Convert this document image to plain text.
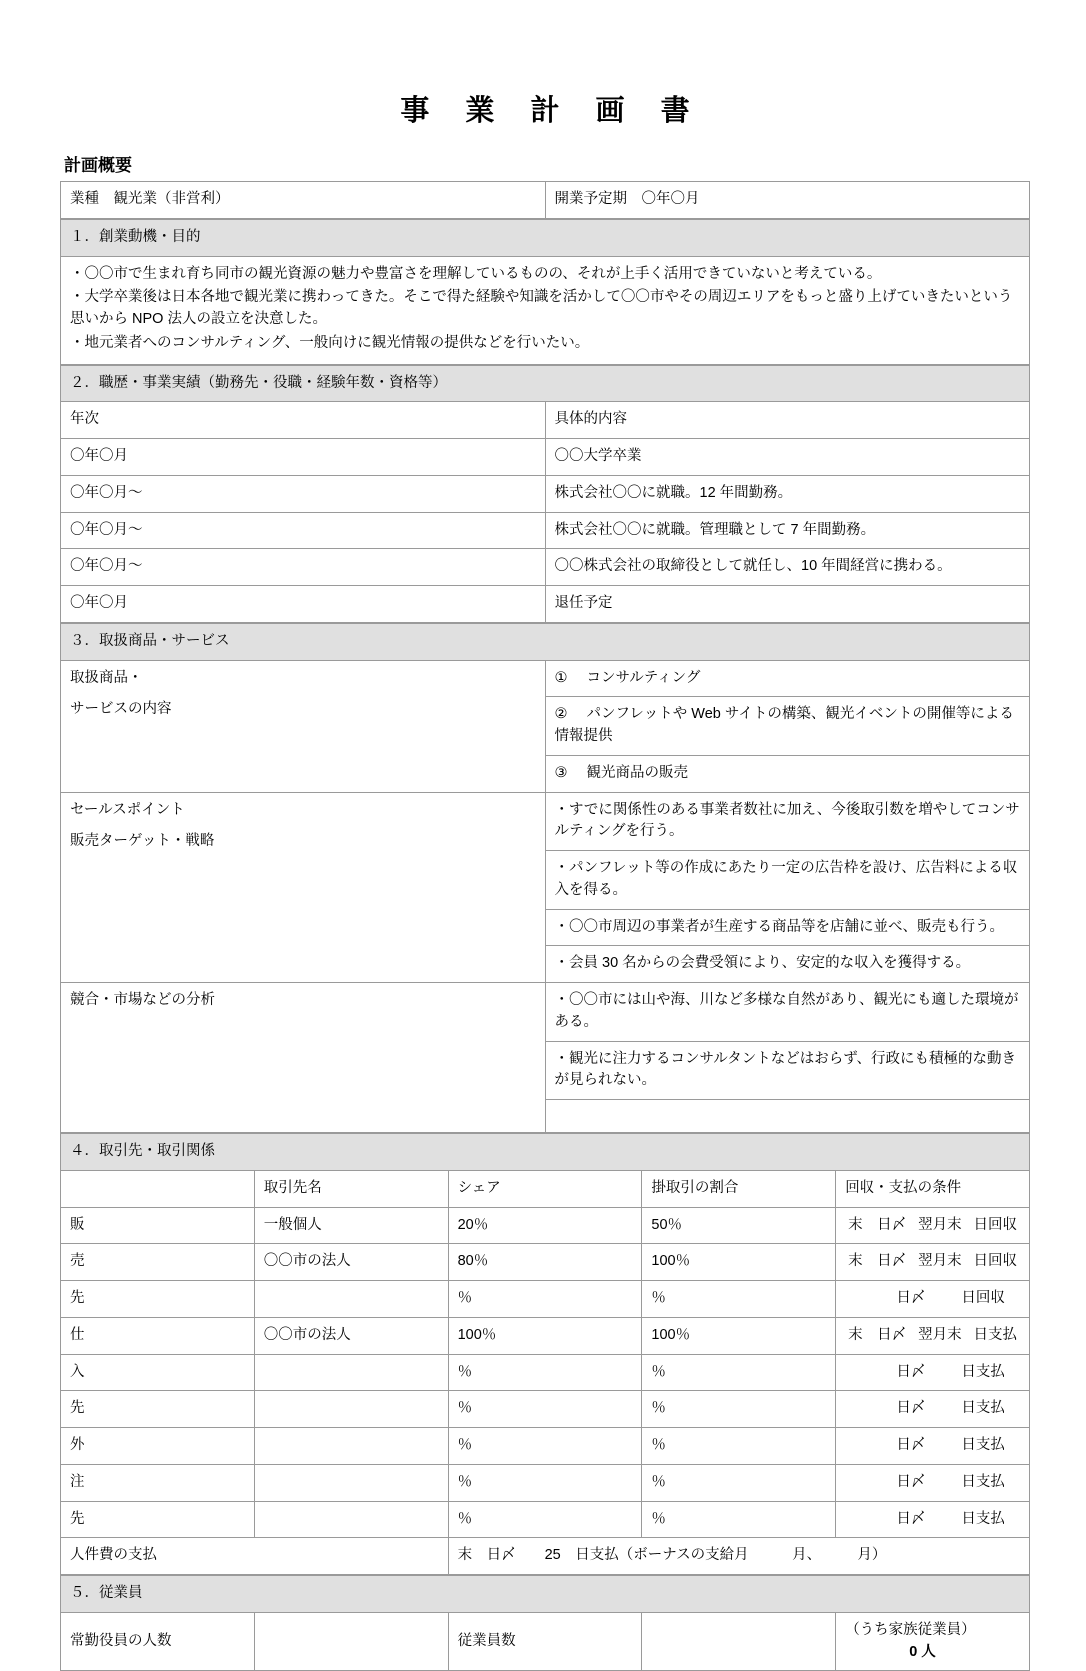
事 業 計 画 書
計画概要
業種　観光業（非営利）	開業予定期　〇年〇月
１．創業動機・目的

・〇〇市で生まれ育ち同市の観光資源の魅力や豊富さを理解しているものの、それが上手く活用できていないと考えている。

・大学卒業後は日本各地で観光業に携わってきた。そこで得た経験や知識を活かして〇〇市やその周辺エリアをもっと盛り上げていきたいという思いから NPO 法人の設立を決意した。

・地元業者へのコンサルティング、一般向けに観光情報の提供などを行いたい。

２．職歴・事業実績（勤務先・役職・経験年数・資格等）	
年次	具体的内容
〇年〇月	〇〇大学卒業
〇年〇月～	株式会社〇〇に就職。12 年間勤務。
〇年〇月～	株式会社〇〇に就職。管理職として 7 年間勤務。
〇年〇月～	〇〇株式会社の取締役として就任し、10 年間経営に携わる。
〇年〇月	退任予定
３．取扱商品・サービス	

取扱商品・
サービスの内容	① コンサルティング
	② パンフレットや Web サイトの構築、観光イベントの開催等による情報提供
	③ 観光商品の販売

セールスポイント
販売ターゲット・戦略	・すでに関係性のある事業者数社に加え、今後取引数を増やしてコンサルティングを行う。
	・パンフレット等の作成にあたり一定の広告枠を設け、広告料による収入を得る。
	・〇〇市周辺の事業者が生産する商品等を店舗に並べ、販売も行う。
	・会員 30 名からの会費受領により、安定的な収入を獲得する。
競合・市場などの分析	・〇〇市には山や海、川など多様な自然があり、観光にも適した環境がある。
	・観光に注力するコンサルタントなどはおらず、行政にも積極的な動きが見られない。

４．取引先・取引関係				
	取引先名	シェア	掛取引の割合	回収・支払の条件
販	一般個人	20％	50％	末　日〆 翌月末 日回収

売	〇〇市の法人	80％	100％	末　日〆 翌月末 日回収

先		％	％	日〆 日回収

仕	〇〇市の法人	100％	100％	末　日〆 翌月末 日支払

入		％	％	日〆 日支払

先		％	％	日〆 日支払

外		％	％	日〆 日支払

注		％	％	日〆 日支払

先		％	％	日〆 日支払

人件費の支払		末　日〆　　25　日支払（ボーナスの支給月　　　月、　　　月）		
５．従業員
常勤役員の人数		従業員数		（うち家族従業員）  0 人
